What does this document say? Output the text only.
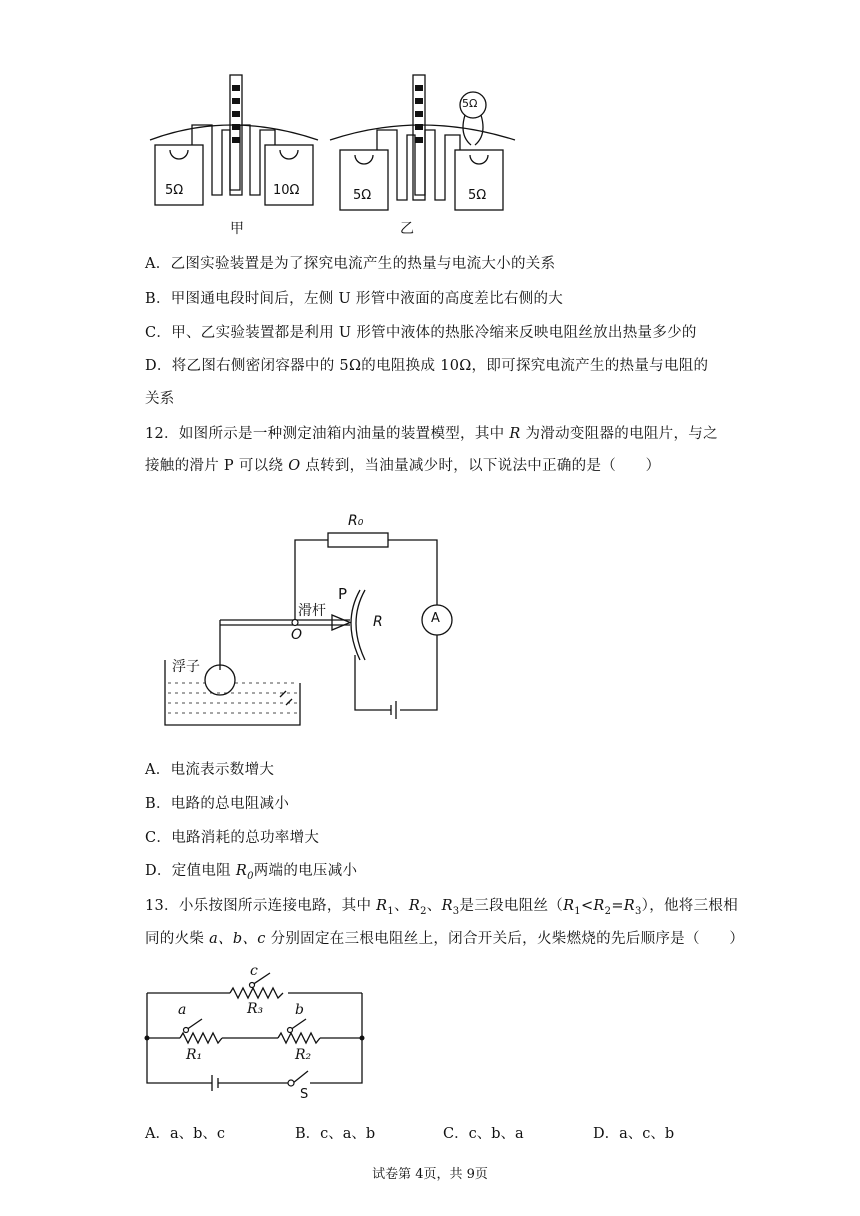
5Ω	10Ω
甲
5Ω	5Ω
5Ω
乙
A．乙图实验装置是为了探究电流产生的热量与电流大小的关系
B．甲图通电段时间后，左侧 U 形管中液面的高度差比右侧的大
C．甲、乙实验装置都是利用 U 形管中液体的热胀冷缩来反映电阻丝放出热量多少的
D．将乙图右侧密闭容器中的 5Ω的电阻换成 10Ω，即可探究电流产生的热量与电阻的
关系
12．如图所示是一种测定油箱内油量的装置模型，其中 R 为滑动变阻器的电阻片，与之
接触的滑片 P 可以绕 O 点转到，当油量减少时，以下说法中正确的是（　　）
R₀
P
滑杆
O
R	A
浮子
A．电流表示数增大
B．电路的总电阻减小
C．电路消耗的总功率增大
D．定值电阻 $R_0$两端的电压减小
13．小乐按图所示连接电路，其中 $R_1$、$R_2$、$R_3$是三段电阻丝$(R_1<R_2=R_3)$，他将三根相
同的火柴 a、b、c 分别固定在三根电阻丝上，闭合开关后，火柴燃烧的先后顺序是（　　）
c
R₃
a	b
R₁	R₂
S
A．a、b、c	B．c、a、b	C．c、b、a	D．a、c、b
试卷第 4页，共 9页
